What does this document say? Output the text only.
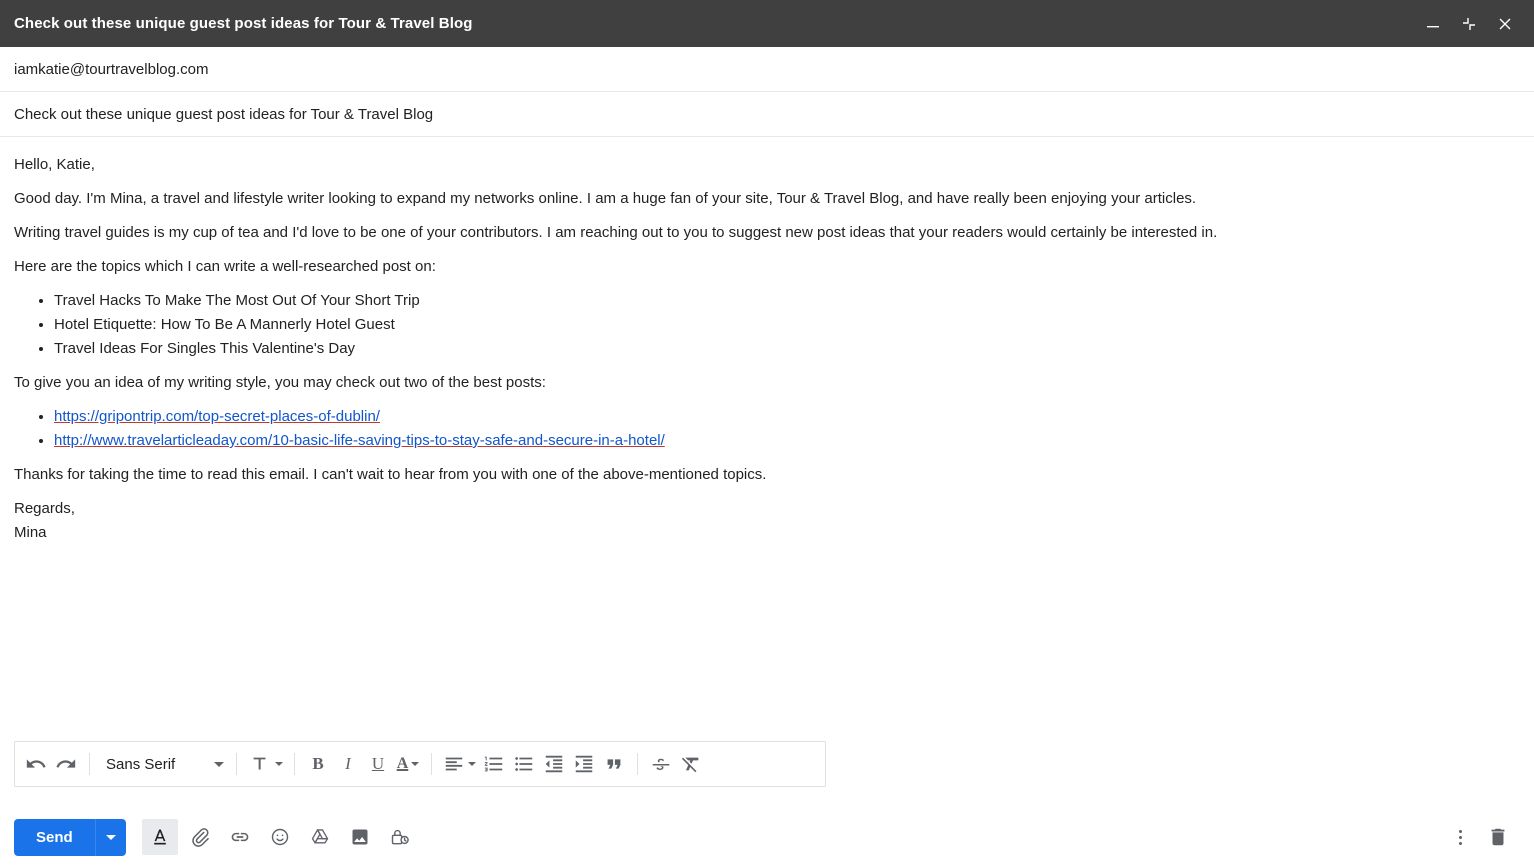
Check out these unique guest post ideas for Tour & Travel Blog
iamkatie@tourtravelblog.com
Check out these unique guest post ideas for Tour & Travel Blog

Hello, Katie,

Good day. I'm Mina, a travel and lifestyle writer looking to expand my networks online. I am a huge fan of your site, Tour & Travel Blog, and have really been enjoying your articles.

Writing travel guides is my cup of tea and I'd love to be one of your contributors. I am reaching out to you to suggest new post ideas that your readers would certainly be interested in.

Here are the topics which I can write a well-researched post on:

• Travel Hacks To Make The Most Out Of Your Short Trip
• Hotel Etiquette: How To Be A Mannerly Hotel Guest
• Travel Ideas For Singles This Valentine's Day

To give you an idea of my writing style, you may check out two of the best posts:

• https://gripontrip.com/top-secret-places-of-dublin/
• http://www.travelarticleaday.com/10-basic-life-saving-tips-to-stay-safe-and-secure-in-a-hotel/

Thanks for taking the time to read this email. I can't wait to hear from you with one of the above-mentioned topics.

Regards,
Mina
Sans Serif	B I U A
Send
